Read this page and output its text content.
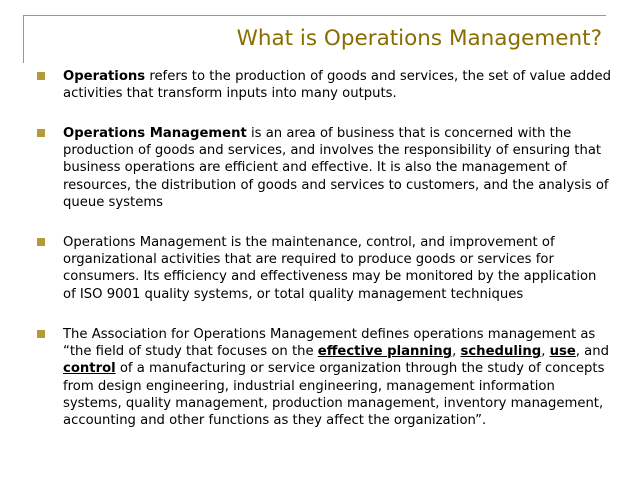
What is Operations Management?
Operations refers to the production of goods and services, the set of value added activities that transform inputs into many outputs.
Operations Management is an area of business that is concerned with the production of goods and services, and involves the responsibility of ensuring that business operations are efficient and effective. It is also the management of resources, the distribution of goods and services to customers, and the analysis of queue systems
Operations Management is the maintenance, control, and improvement of organizational activities that are required to produce goods or services for consumers. Its efficiency and effectiveness may be monitored by the application of ISO 9001 quality systems, or total quality management techniques
The Association for Operations Management defines operations management as “the field of study that focuses on the effective planning, scheduling, use, and control of a manufacturing or service organization through the study of concepts from design engineering, industrial engineering, management information systems, quality management, production management, inventory management, accounting and other functions as they affect the organization”.
